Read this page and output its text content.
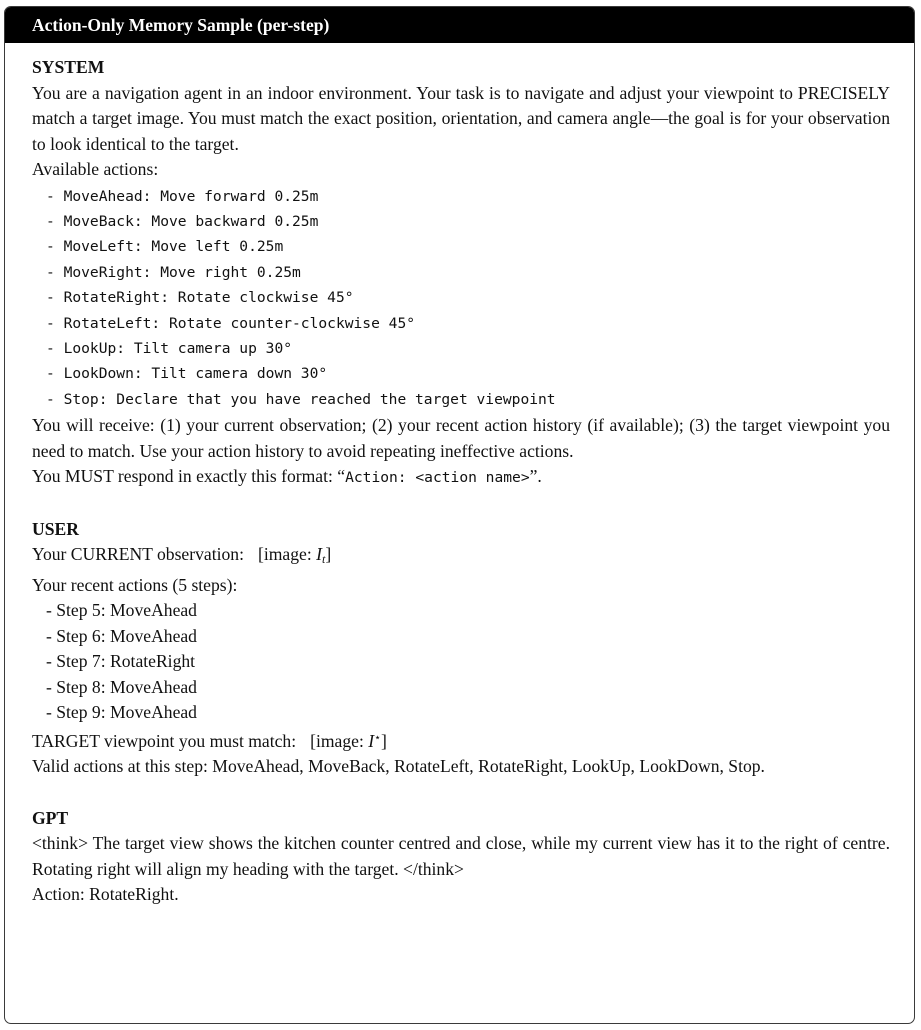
Action-Only Memory Sample (per-step)
SYSTEM

You are a navigation agent in an indoor environment. Your task is to navigate and adjust your viewpoint to PRECISELY match a target image. You must match the exact position, orientation, and camera angle—the goal is for your observation to look identical to the target.

Available actions:

- MoveAhead: Move forward 0.25m
- MoveBack: Move backward 0.25m
- MoveLeft: Move left 0.25m
- MoveRight: Move right 0.25m
- RotateRight: Rotate clockwise 45°
- RotateLeft: Rotate counter-clockwise 45°
- LookUp: Tilt camera up 30°
- LookDown: Tilt camera down 30°
- Stop: Declare that you have reached the target viewpoint

You will receive: (1) your current observation; (2) your recent action history (if available); (3) the target viewpoint you need to match. Use your action history to avoid repeating ineffective actions.

You MUST respond in exactly this format: “Action: <action name>”.

USER

Your CURRENT observation: [image: $I_t$]

Your recent actions (5 steps):

- Step 5: MoveAhead
- Step 6: MoveAhead
- Step 7: RotateRight
- Step 8: MoveAhead
- Step 9: MoveAhead

TARGET viewpoint you must match: [image: I⋆]

Valid actions at this step: MoveAhead, MoveBack, RotateLeft, RotateRight, LookUp, LookDown, Stop.

GPT

<think> The target view shows the kitchen counter centred and close, while my current view has it to the right of centre. Rotating right will align my heading with the target. </think>

Action: RotateRight.
